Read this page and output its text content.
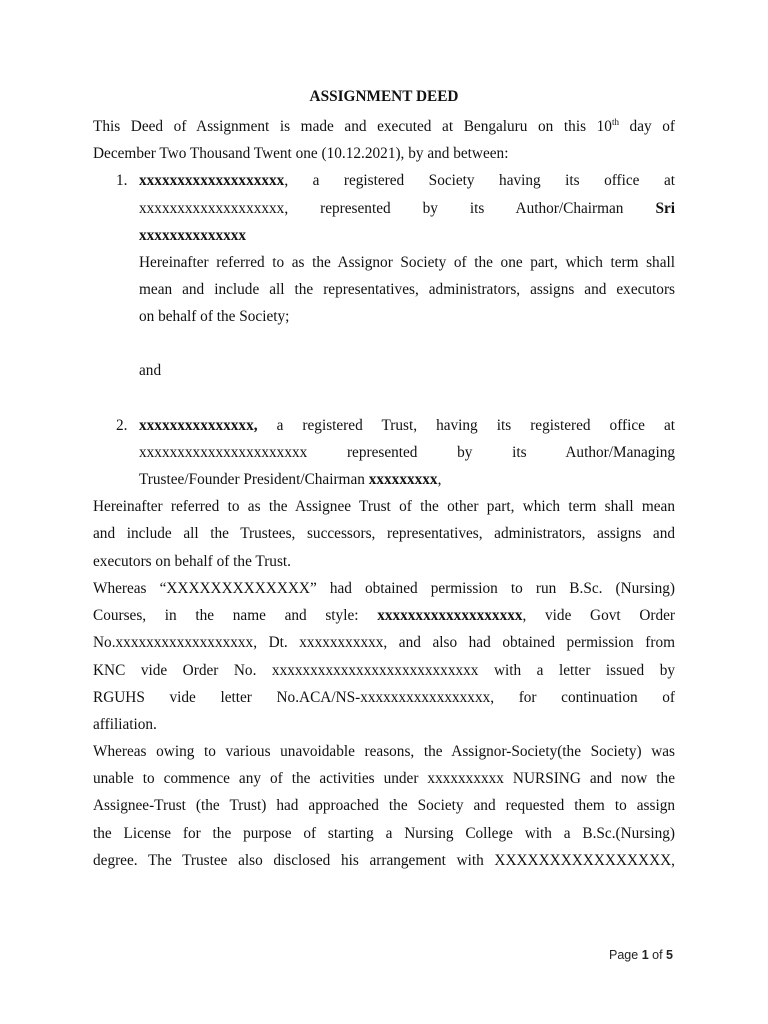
ASSIGNMENT DEED
This Deed of Assignment is made and executed at Bengaluru on this 10th day of
December Two Thousand Twent one (10.12.2021), by and between:
1. xxxxxxxxxxxxxxxxxxx, a registered Society having its office at
xxxxxxxxxxxxxxxxxxx, represented by its Author/Chairman Sri
xxxxxxxxxxxxxx
Hereinafter referred to as the Assignor Society of the one part, which term shall
mean and include all the representatives, administrators, assigns and executors
on behalf of the Society;
and
2. xxxxxxxxxxxxxxx, a registered Trust, having its registered office at
xxxxxxxxxxxxxxxxxxxxxx represented by its Author/Managing
Trustee/Founder President/Chairman xxxxxxxxx,
Hereinafter referred to as the Assignee Trust of the other part, which term shall mean
and include all the Trustees, successors, representatives, administrators, assigns and
executors on behalf of the Trust.
Whereas “XXXXXXXXXXXXX” had obtained permission to run B.Sc. (Nursing)
Courses, in the name and style: xxxxxxxxxxxxxxxxxxx, vide Govt Order
No.xxxxxxxxxxxxxxxxxx, Dt. xxxxxxxxxxx, and also had obtained permission from
KNC vide Order No. xxxxxxxxxxxxxxxxxxxxxxxxxxx with a letter issued by
RGUHS vide letter No.ACA/NS-xxxxxxxxxxxxxxxxx, for continuation of
affiliation.
Whereas owing to various unavoidable reasons, the Assignor-Society(the Society) was
unable to commence any of the activities under xxxxxxxxxx NURSING and now the
Assignee-Trust (the Trust) had approached the Society and requested them to assign
the License for the purpose of starting a Nursing College with a B.Sc.(Nursing)
degree. The Trustee also disclosed his arrangement with XXXXXXXXXXXXXXXX,
Page 1 of 5
